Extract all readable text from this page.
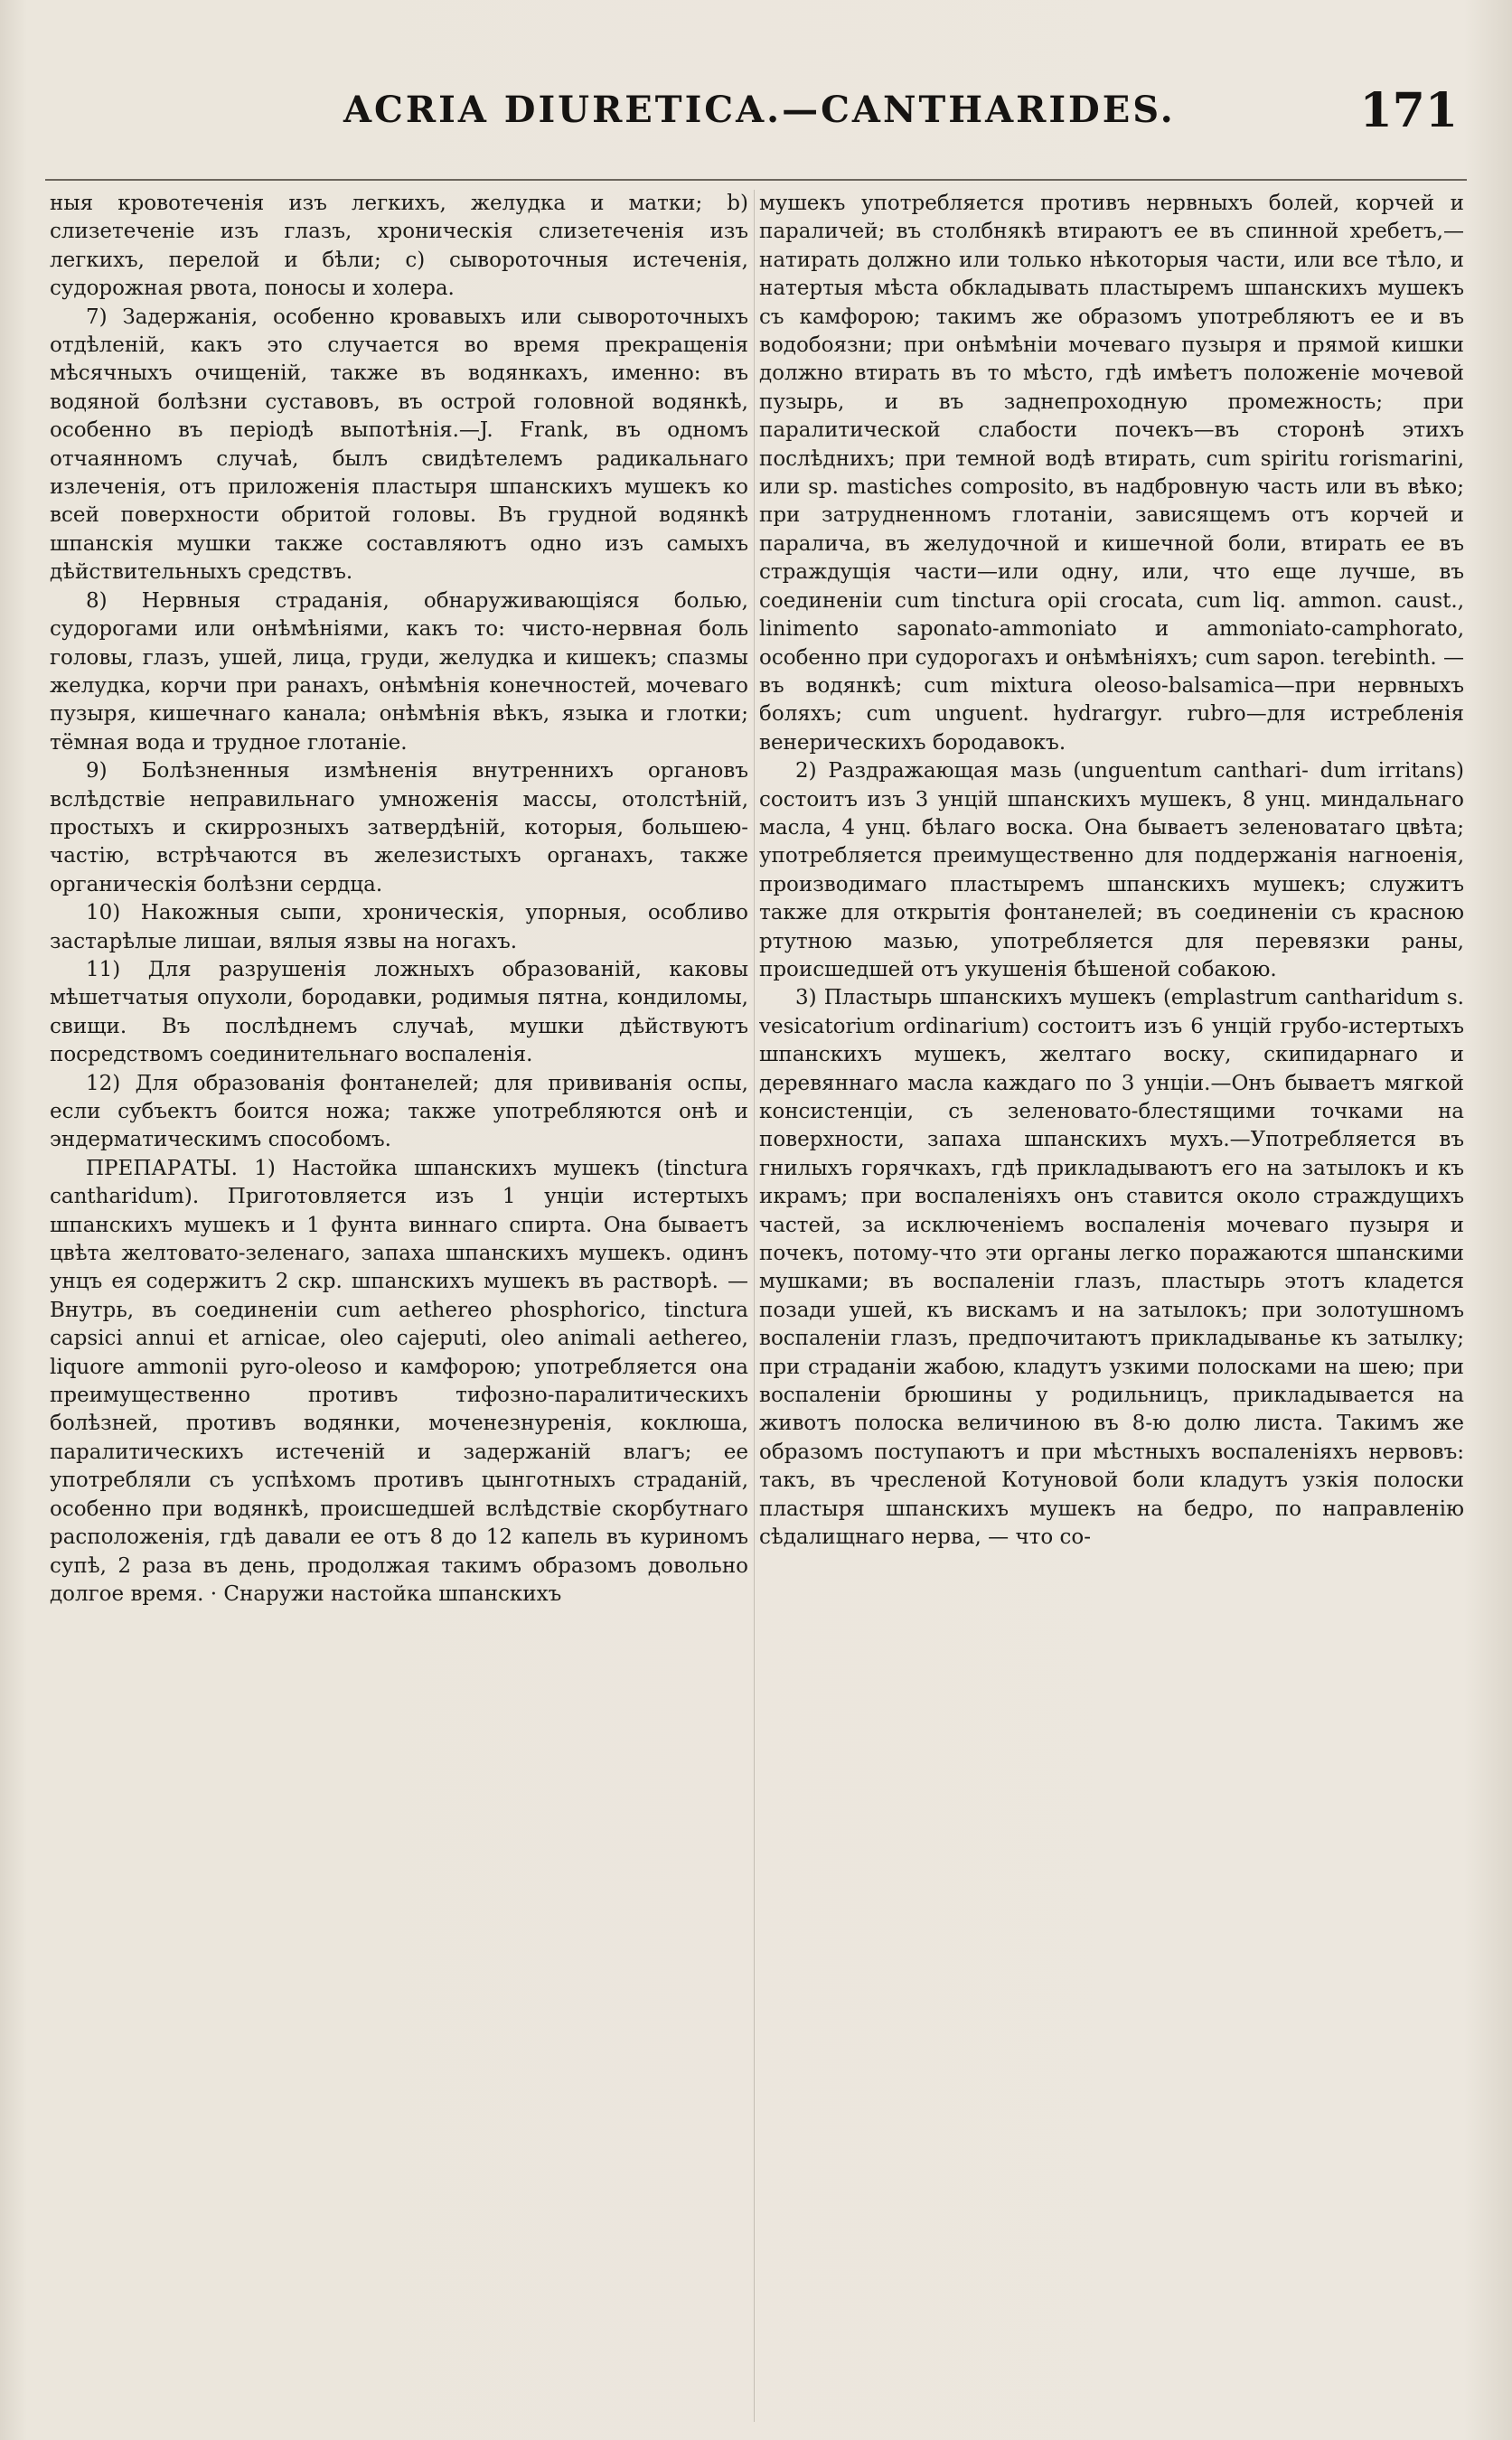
ACRIA DIURETICA.—CANTHARIDES.	171

ныя кровотеченія изъ легкихъ, желудка и матки; b) слизетеченіе изъ глазъ, хроническія слизетеченія изъ легкихъ, перелой и бѣли; с) сывороточныя истеченія, судорожная рвота, поносы и холера.

7) Задержанія, особенно кровавыхъ или сывороточныхъ отдѣленій, какъ это случается во время прекращенія мѣсячныхъ очищеній, также въ водянкахъ, именно: въ водяной болѣзни суставовъ, въ острой головной водянкѣ, особенно въ періодѣ выпотѣнія.—J. Frank, въ одномъ отчаянномъ случаѣ, былъ свидѣтелемъ радикальнаго излеченія, отъ приложенія пластыря шпанскихъ мушекъ ко всей поверхности обритой головы. Въ грудной водянкѣ шпанскія мушки также составляютъ одно изъ самыхъ дѣйствительныхъ средствъ.

8) Нервныя страданія, обнаруживающіяся болью, судорогами или онѣмѣніями, какъ то: чисто-нервная боль головы, глазъ, ушей, лица, груди, желудка и кишекъ; спазмы желудка, корчи при ранахъ, онѣмѣнія конечностей, мочеваго пузыря, кишечнаго канала; онѣмѣнія вѣкъ, языка и глотки; тёмная вода и трудное глотаніе.

9) Болѣзненныя измѣненія внутреннихъ органовъ вслѣдствіе неправильнаго умноженія массы, отолстѣній, простыхъ и скиррозныхъ затвердѣній, которыя, большею-частію, встрѣчаются въ железистыхъ органахъ, также органическія болѣзни сердца.

10) Накожныя сыпи, хроническія, упорныя, особливо застарѣлые лишаи, вялыя язвы на ногахъ.

11) Для разрушенія ложныхъ образованій, каковы мѣшетчатыя опухоли, бородавки, родимыя пятна, кондиломы, свищи. Въ послѣднемъ случаѣ, мушки дѣйствуютъ посредствомъ соединительнаго воспаленія.

12) Для образованія фонтанелей; для прививанія оспы, если субъектъ боится ножа; также употребляются онѣ и эндерматическимъ способомъ.

ПРЕПАРАТЫ. 1) Настойка шпанскихъ мушекъ (tinctura cantharidum). Приготовляется изъ 1 унціи истертыхъ шпанскихъ мушекъ и 1 фунта виннаго спирта. Она бываетъ цвѣта желтовато-зеленаго, запаха шпанскихъ мушекъ. одинъ унцъ ея содержитъ 2 скр. шпанскихъ мушекъ въ растворѣ. — Внутрь, въ соединеніи cum aethereo phosphorico, tinctura capsici annui et arnicae, oleo cajeputi, oleo animali aethereo, liquore ammonii pyro-oleoso и камфорою; употребляется она преимущественно противъ тифозно-паралитическихъ болѣзней, противъ водянки, моченезнуренія, коклюша, паралитическихъ истеченій и задержаній влагъ; ее употребляли съ успѣхомъ противъ цынготныхъ страданій, особенно при водянкѣ, происшедшей вслѣдствіе скорбутнаго расположенія, гдѣ давали ее отъ 8 до 12 капель въ куриномъ супѣ, 2 раза въ день, продолжая такимъ образомъ довольно долгое время. · Снаружи настойка шпанскихъ

мушекъ употребляется противъ нервныхъ болей, корчей и параличей; въ столбнякѣ втираютъ ее въ спинной хребетъ,—натирать должно или только нѣкоторыя части, или все тѣло, и натертыя мѣста обкладывать пластыремъ шпанскихъ мушекъ съ камфорою; такимъ же образомъ употребляютъ ее и въ водобоязни; при онѣмѣніи мочеваго пузыря и прямой кишки должно втирать въ то мѣсто, гдѣ имѣетъ положеніе мочевой пузырь, и въ заднепроходную промежность; при паралитической слабости почекъ—въ сторонѣ этихъ послѣднихъ; при темной водѣ втирать, cum spiritu rorismarini, или sp. mastiches composito, въ надбровную часть или въ вѣко; при затрудненномъ глотаніи, зависящемъ отъ корчей и паралича, въ желудочной и кишечной боли, втирать ее въ страждущія части—или одну, или, что еще лучше, въ соединеніи cum tinctura opii crocata, cum liq. ammon. caust., linimento saponato-ammoniato и ammoniato-camphorato, особенно при судорогахъ и онѣмѣніяхъ; cum sapon. terebinth. — въ водянкѣ; cum mixtura oleoso-balsamica—при нервныхъ боляхъ; cum unguent. hydrargyr. rubro—для истребленія венерическихъ бородавокъ.

2) Раздражающая мазь (unguentum canthari- dum irritans) состоитъ изъ 3 унцій шпанскихъ мушекъ, 8 унц. миндальнаго масла, 4 унц. бѣлаго воска. Она бываетъ зеленоватаго цвѣта; употребляется преимущественно для поддержанія нагноенія, производимаго пластыремъ шпанскихъ мушекъ; служитъ также для открытія фонтанелей; въ соединеніи съ красною ртутною мазью, употребляется для перевязки раны, происшедшей отъ укушенія бѣшеной собакою.

3) Пластырь шпанскихъ мушекъ (emplastrum cantharidum s. vesicatorium ordinarium) состоитъ изъ 6 унцій грубо-истертыхъ шпанскихъ мушекъ, желтаго воску, скипидарнаго и деревяннаго масла каждаго по 3 унціи.—Онъ бываетъ мягкой консистенціи, съ зеленовато-блестящими точками на поверхности, запаха шпанскихъ мухъ.—Употребляется въ гнилыхъ горячкахъ, гдѣ прикладываютъ его на затылокъ и къ икрамъ; при воспаленіяхъ онъ ставится около страждущихъ частей, за исключеніемъ воспаленія мочеваго пузыря и почекъ, потому-что эти органы легко поражаются шпанскими мушками; въ воспаленіи глазъ, пластырь этотъ кладется позади ушей, къ вискамъ и на затылокъ; при золотушномъ воспаленіи глазъ, предпочитаютъ прикладыванье къ затылку; при страданіи жабою, кладутъ узкими полосками на шею; при воспаленіи брюшины у родильницъ, прикладывается на животъ полоска величиною въ 8-ю долю листа. Такимъ же образомъ поступаютъ и при мѣстныхъ воспаленіяхъ нервовъ: такъ, въ чресленой Котуновой боли кладутъ узкія полоски пластыря шпанскихъ мушекъ на бедро, по направленію сѣдалищнаго нерва, — что со-
